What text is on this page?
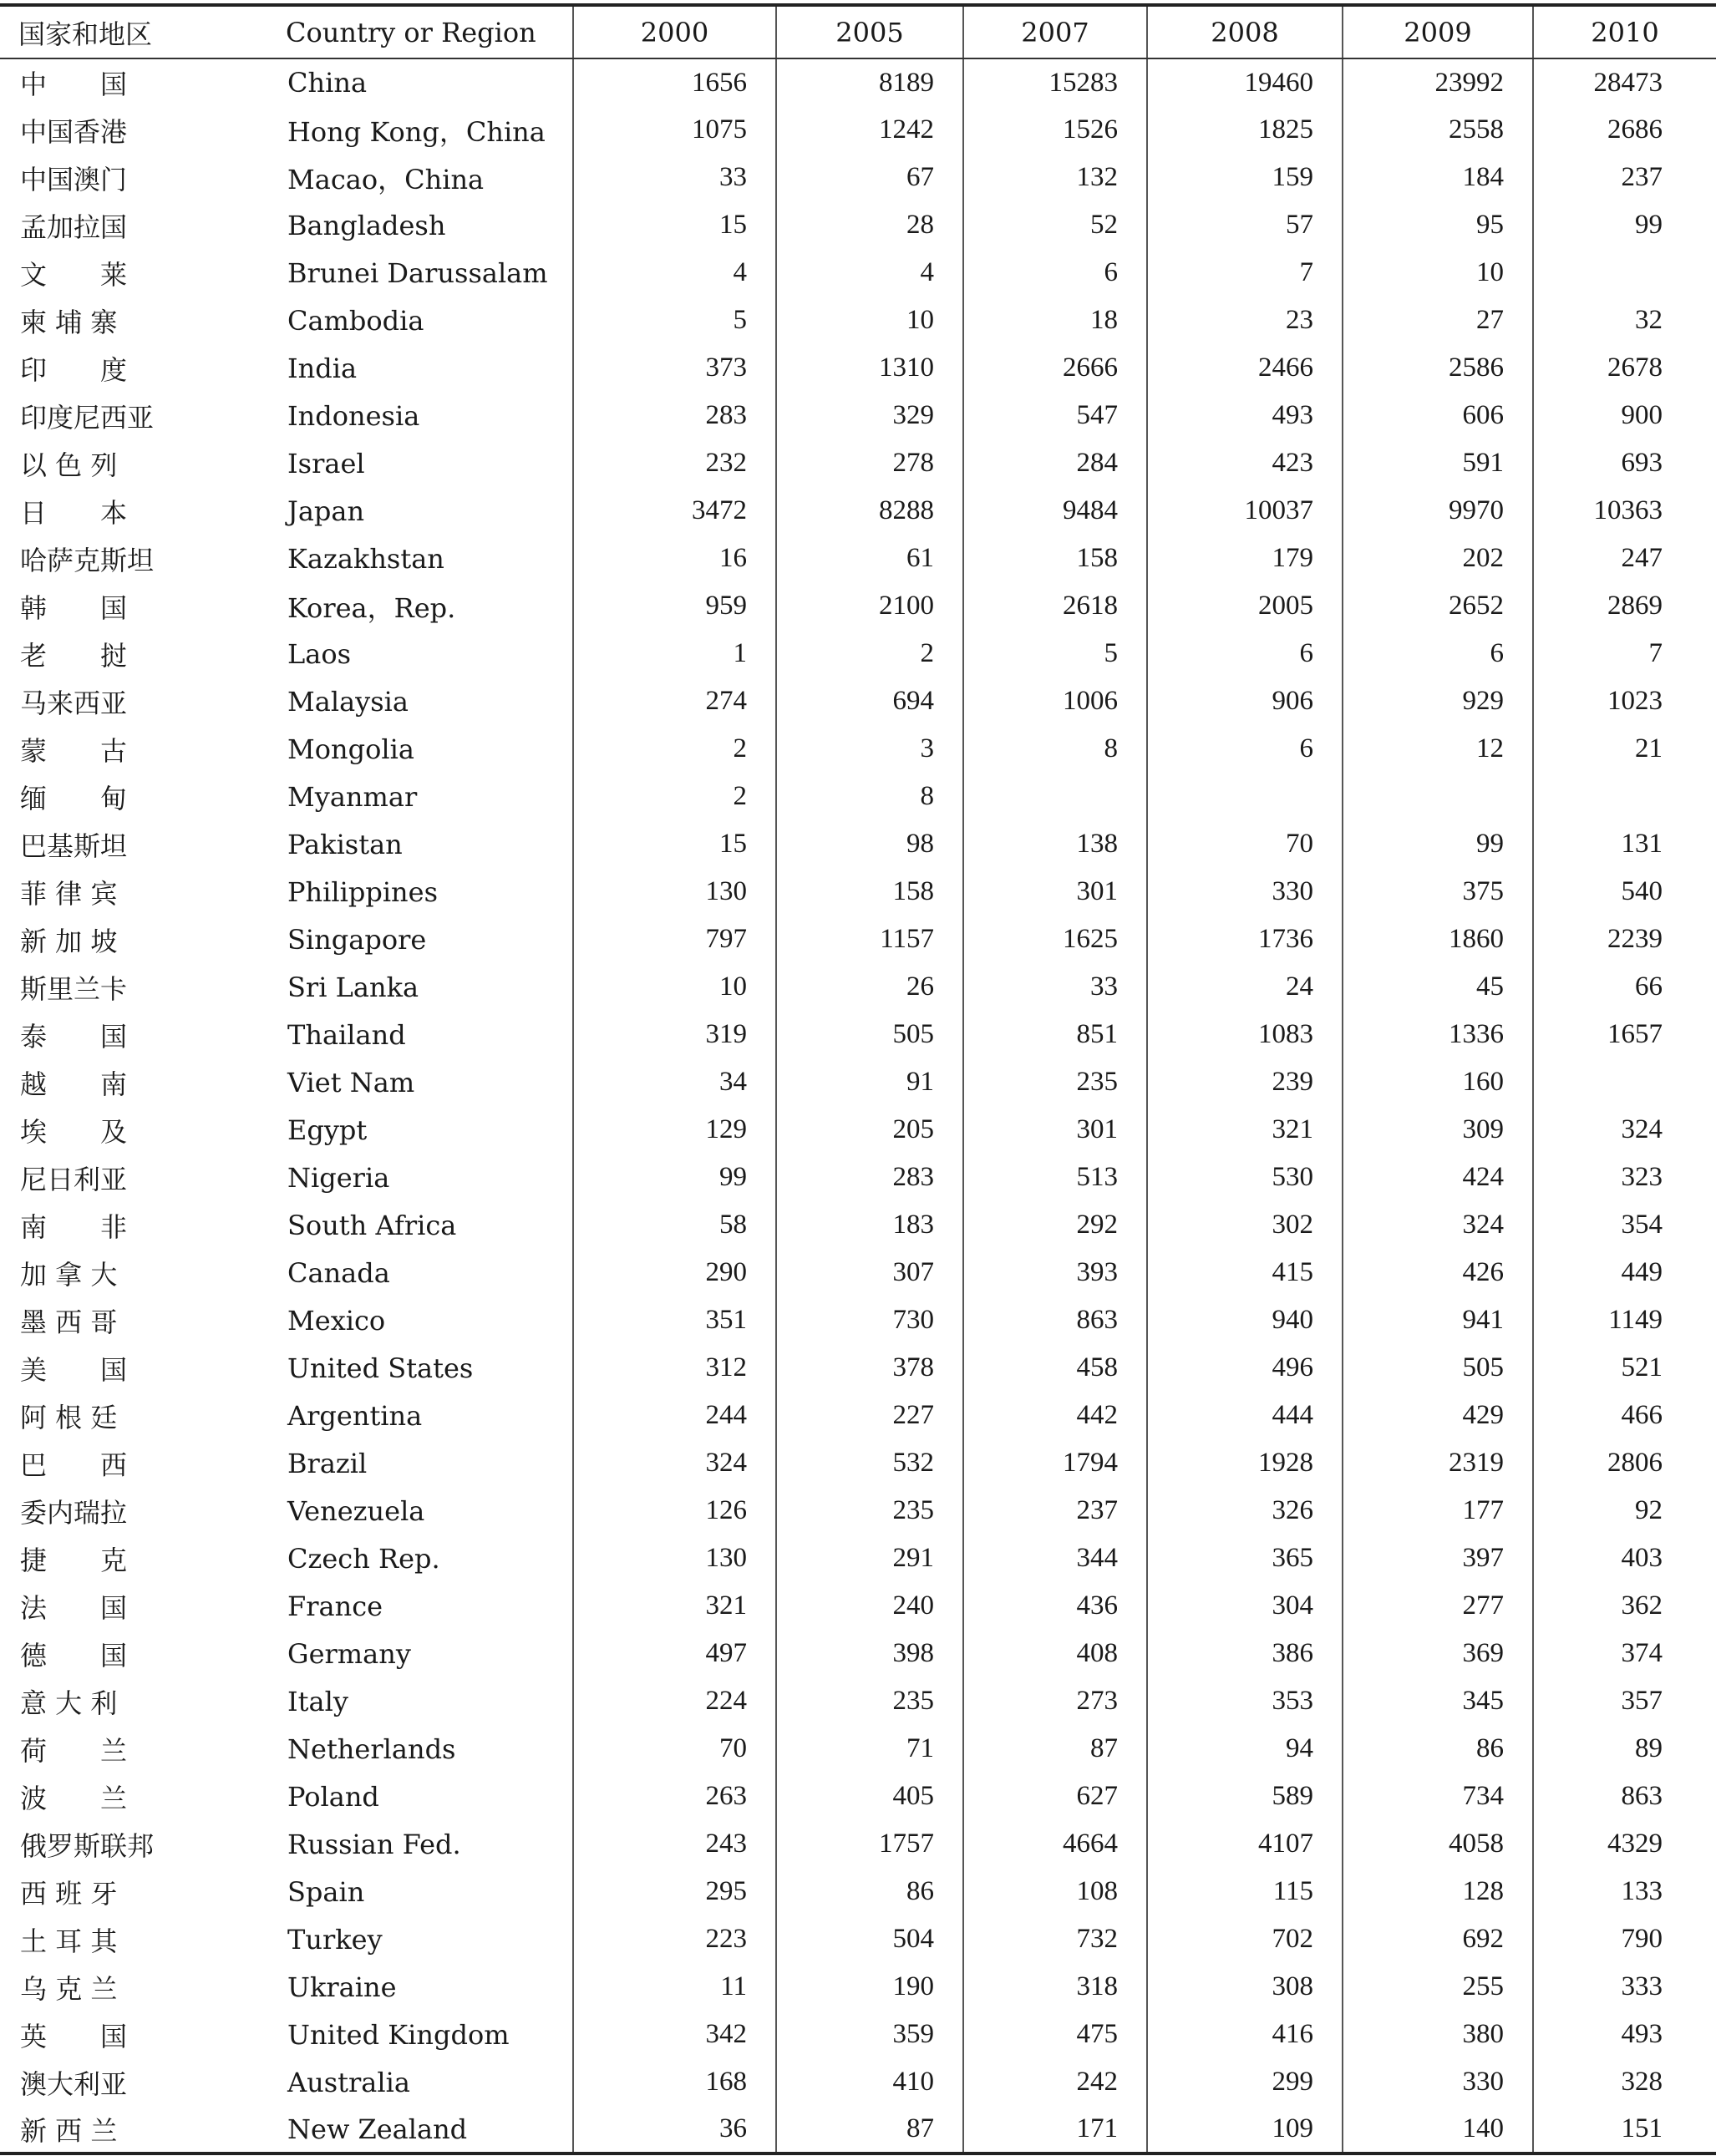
国家和地区	Country or Region	2000	2005	2007	2008	2009	2010
中　　国	China	1656	8189	15283	19460	23992	28473
中国香港	Hong Kong，China	1075	1242	1526	1825	2558	2686
中国澳门	Macao，China	33	67	132	159	184	237
孟加拉国	Bangladesh	15	28	52	57	95	99
文　　莱	Brunei Darussalam	4	4	6	7	10	
柬 埔 寨	Cambodia	5	10	18	23	27	32
印　　度	India	373	1310	2666	2466	2586	2678
印度尼西亚	Indonesia	283	329	547	493	606	900
以 色 列	Israel	232	278	284	423	591	693
日　　本	Japan	3472	8288	9484	10037	9970	10363
哈萨克斯坦	Kazakhstan	16	61	158	179	202	247
韩　　国	Korea，Rep.	959	2100	2618	2005	2652	2869
老　　挝	Laos	1	2	5	6	6	7
马来西亚	Malaysia	274	694	1006	906	929	1023
蒙　　古	Mongolia	2	3	8	6	12	21
缅　　甸	Myanmar	2	8				
巴基斯坦	Pakistan	15	98	138	70	99	131
菲 律 宾	Philippines	130	158	301	330	375	540
新 加 坡	Singapore	797	1157	1625	1736	1860	2239
斯里兰卡	Sri Lanka	10	26	33	24	45	66
泰　　国	Thailand	319	505	851	1083	1336	1657
越　　南	Viet Nam	34	91	235	239	160	
埃　　及	Egypt	129	205	301	321	309	324
尼日利亚	Nigeria	99	283	513	530	424	323
南　　非	South Africa	58	183	292	302	324	354
加 拿 大	Canada	290	307	393	415	426	449
墨 西 哥	Mexico	351	730	863	940	941	1149
美　　国	United States	312	378	458	496	505	521
阿 根 廷	Argentina	244	227	442	444	429	466
巴　　西	Brazil	324	532	1794	1928	2319	2806
委内瑞拉	Venezuela	126	235	237	326	177	92
捷　　克	Czech Rep.	130	291	344	365	397	403
法　　国	France	321	240	436	304	277	362
德　　国	Germany	497	398	408	386	369	374
意 大 利	Italy	224	235	273	353	345	357
荷　　兰	Netherlands	70	71	87	94	86	89
波　　兰	Poland	263	405	627	589	734	863
俄罗斯联邦	Russian Fed.	243	1757	4664	4107	4058	4329
西 班 牙	Spain	295	86	108	115	128	133
土 耳 其	Turkey	223	504	732	702	692	790
乌 克 兰	Ukraine	11	190	318	308	255	333
英　　国	United Kingdom	342	359	475	416	380	493
澳大利亚	Australia	168	410	242	299	330	328
新 西 兰	New Zealand	36	87	171	109	140	151
